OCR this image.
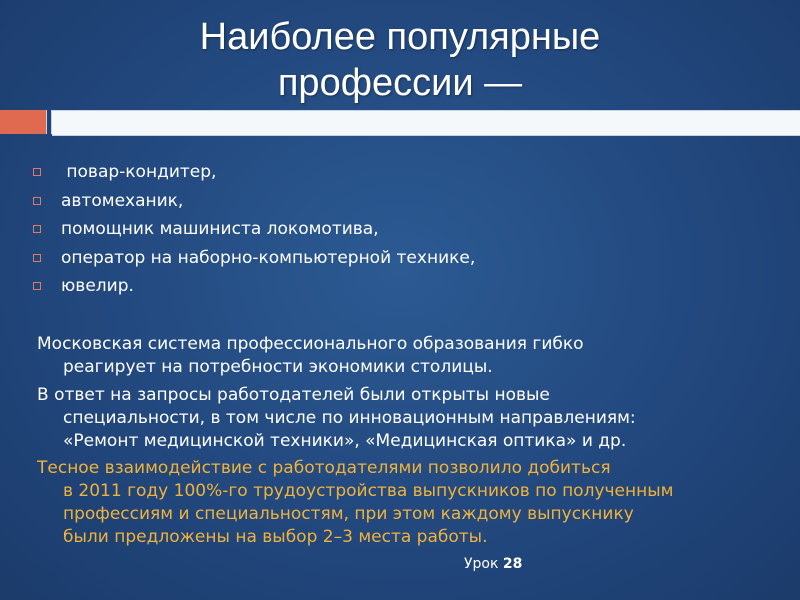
Наиболее популярные
профессии —
повар-кондитер,
автомеханик,
помощник машиниста локомотива,
оператор на наборно-компьютерной технике,
ювелир.

Московская система профессионального образования гибко
реагирует на потребности экономики столицы.

В ответ на запросы работодателей были открыты новые
специальности, в том числе по инновационным направлениям:
«Ремонт медицинской техники», «Медицинская оптика» и др.

Тесное взаимодействие с работодателями позволило добиться
в 2011 году 100%-го трудоустройства выпускников по полученным
профессиям и специальностям, при этом каждому выпускнику
были предложены на выбор 2–3 места работы.

Урок 28
